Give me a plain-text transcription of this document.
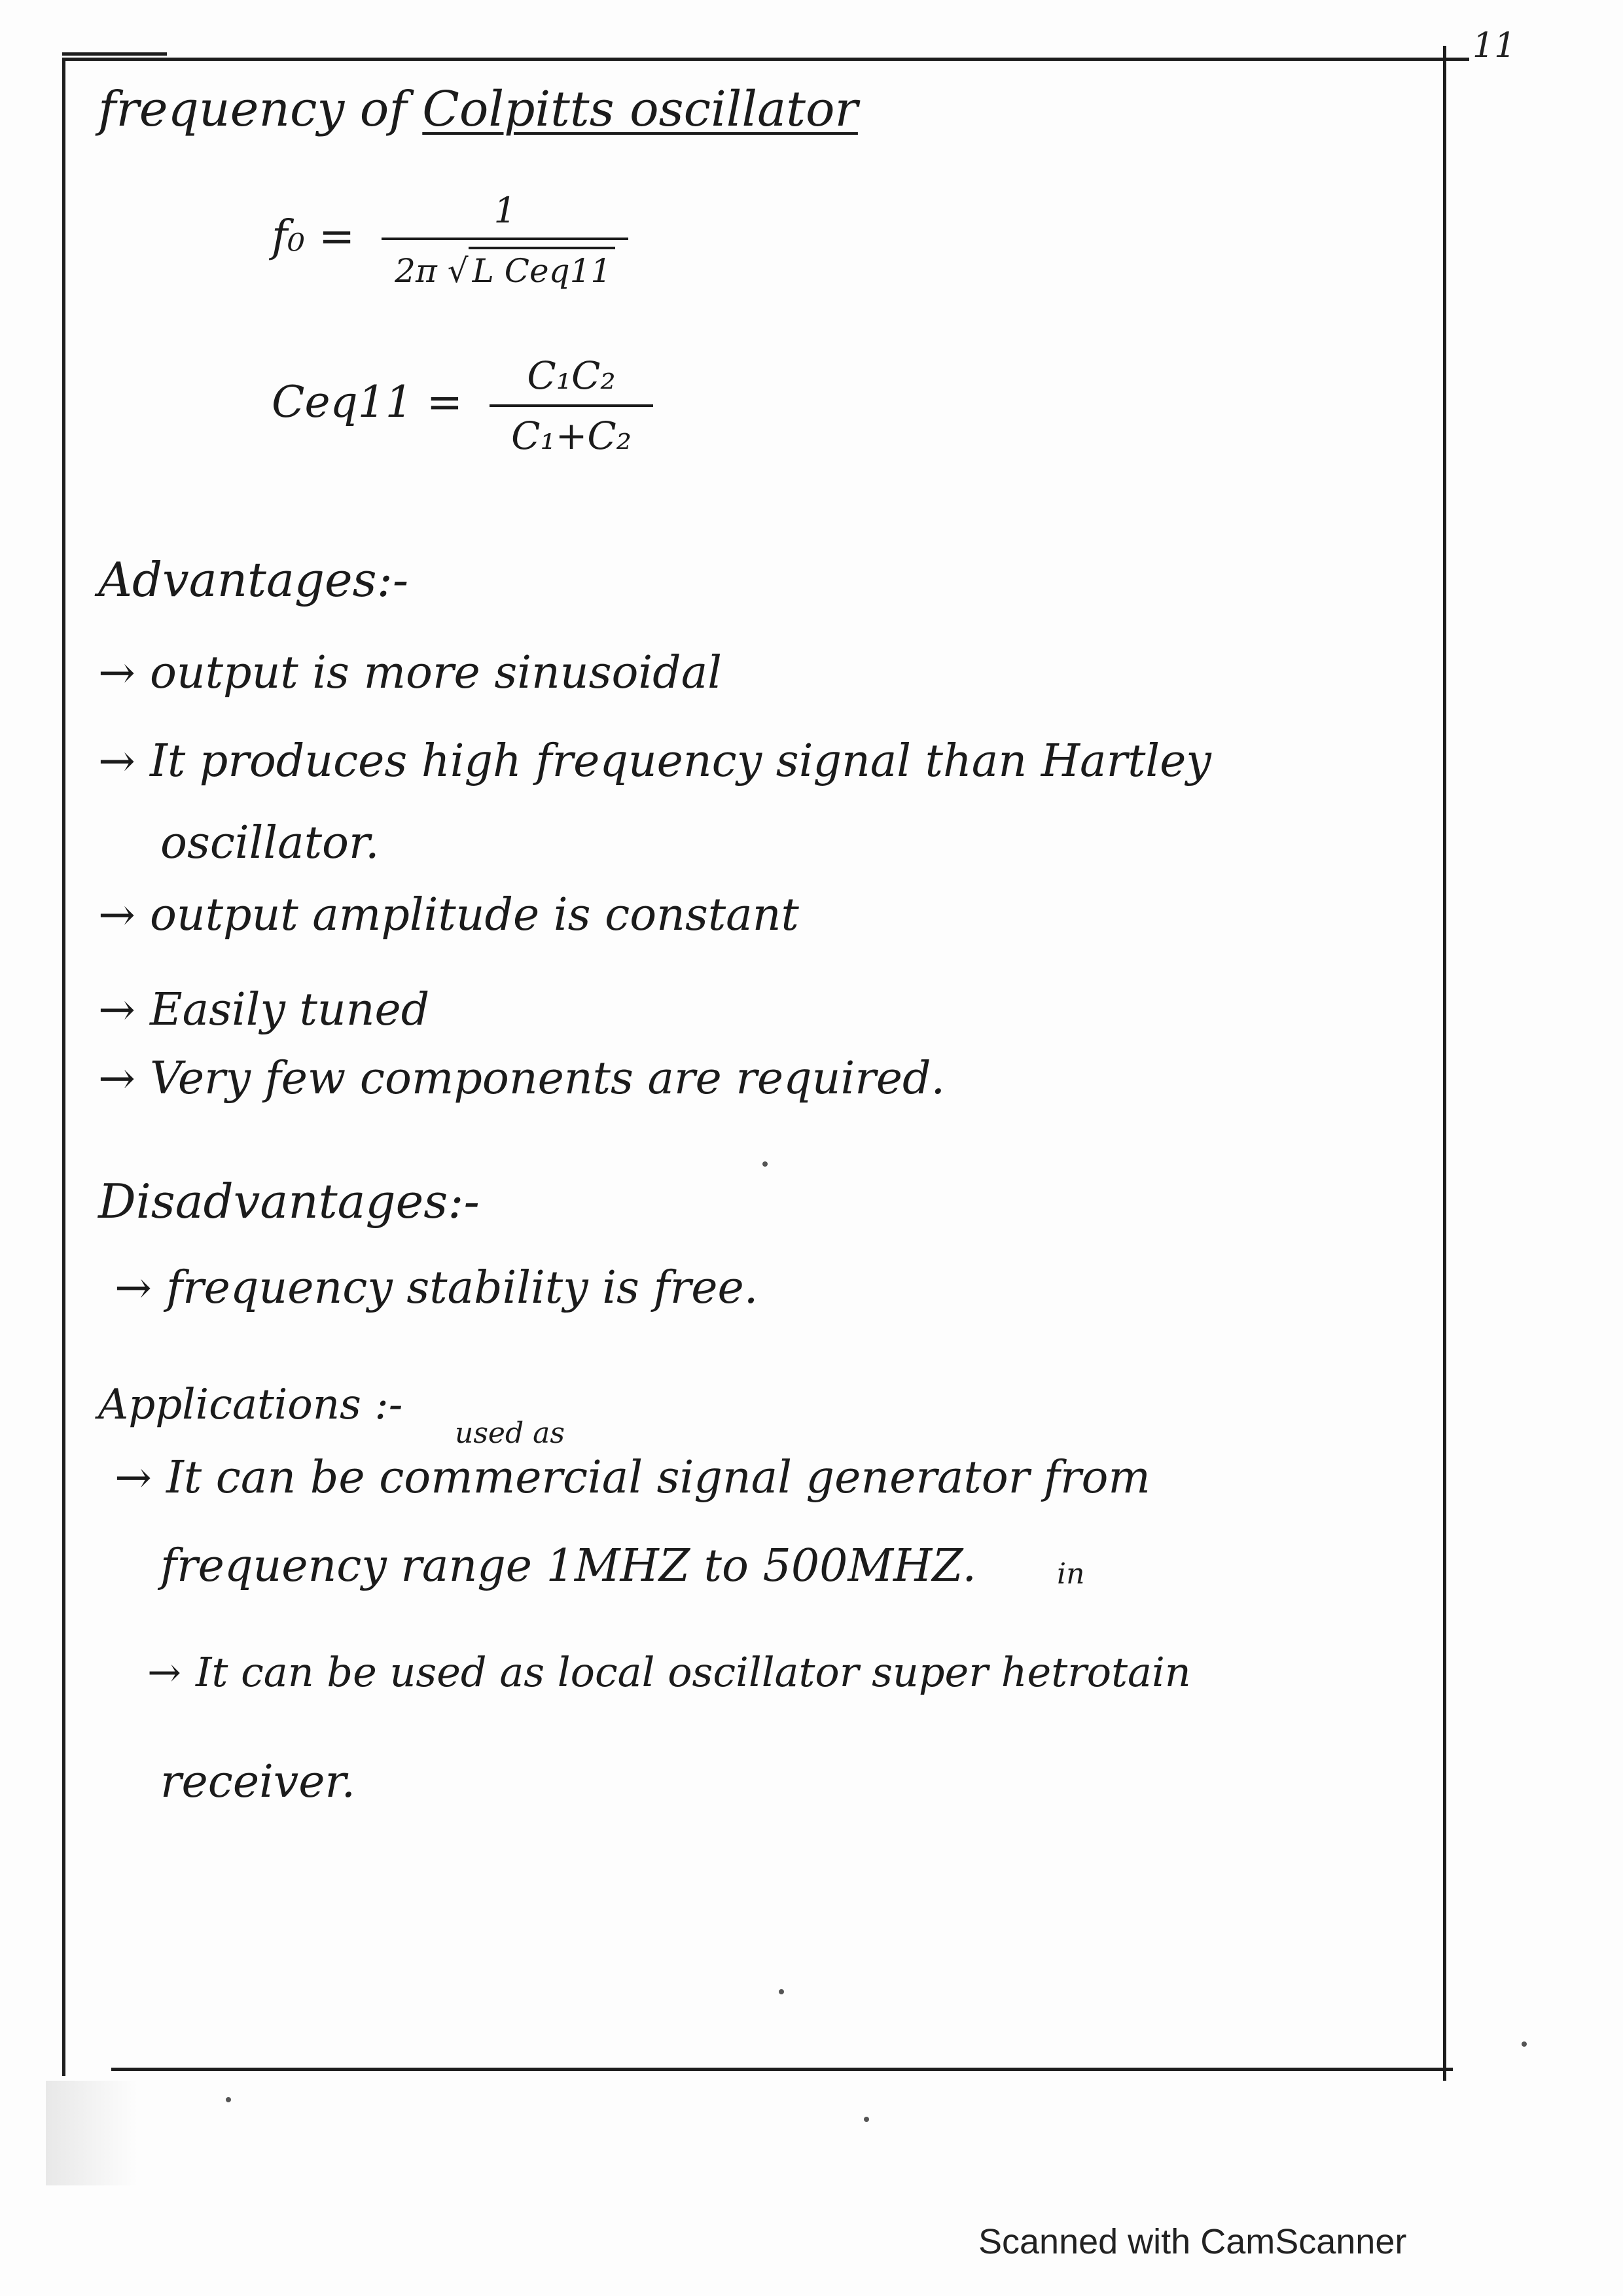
11
frequency of Colpitts oscillator
$f_0 = \frac{1}{\text{2π √ L Ceq11}}$
$Ceq11 = \frac{\text{C₁C₂}}{\text{C₁+C₂}}$
Advantages:-
→ output is more sinusoidal
→ It produces high frequency signal than Hartley
oscillator.
→ output amplitude is constant
→ Easily tuned
→ Very few components are required.
Disadvantages:-
→ frequency stability is free.
Applications :-
used as
→ It can be commercial signal generator from
frequency range 1MHZ to 500MHZ.	in
→ It can be used as local oscillator super hetrotain
receiver.
Scanned with CamScanner
